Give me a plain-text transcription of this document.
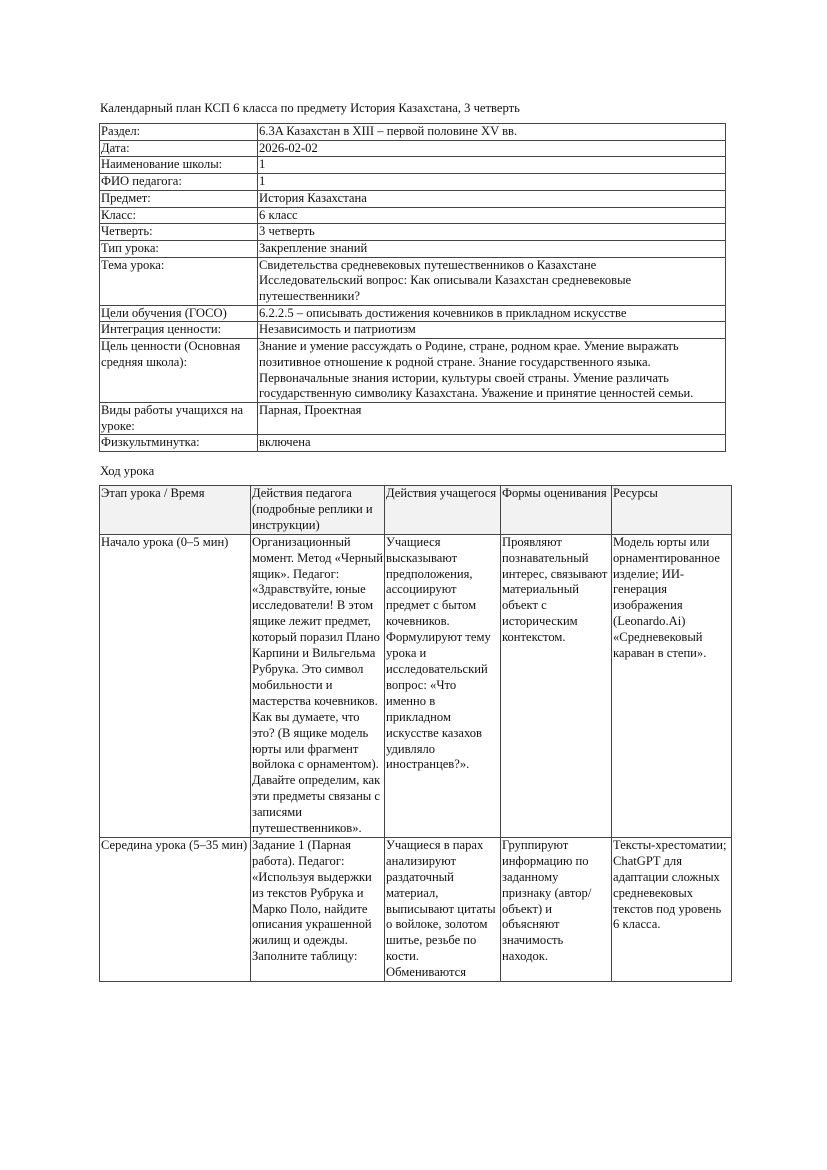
Календарный план КСП 6 класса по предмету История Казахстана, 3 четверть
Раздел:	6.3A Казахстан в XIII – первой половине XV вв.
Дата:	2026-02-02
Наименование школы:	1
ФИО педагога:	1
Предмет:	История Казахстана
Класс:	6 класс
Четверть:	3 четверть
Тип урока:	Закрепление знаний
Тема урока:	Свидетельства средневековых путешественников о Казахстане
Исследовательский вопрос: Как описывали Казахстан средневековые путешественники?

Цели обучения (ГОСО)	6.2.2.5 – описывать достижения кочевников в прикладном искусстве
Интеграция ценности:	Независимость и патриотизм
Цель ценности (Основная средняя школа):	Знание и умение рассуждать о Родине, стране, родном крае. Умение выражать позитивное отношение к родной стране. Знание государственного языка. Первоначальные знания истории, культуры своей страны. Умение различать государственную символику Казахстана. Уважение и принятие ценностей семьи.
Виды работы учащихся на уроке:	Парная, Проектная
Физкультминутка:	включена
Ход урока
Этап урока / Время	Действия педагога (подробные реплики и инструкции)	Действия учащегося	Формы оценивания	Ресурсы
Начало урока (0–5 мин)	Организационный момент. Метод «Черный ящик». Педагог: «Здравствуйте, юные исследователи! В этом ящике лежит предмет, который поразил Плано Карпини и Вильгельма Рубрука. Это символ мобильности и мастерства кочевников. Как вы думаете, что это? (В ящике модель юрты или фрагмент войлока с орнаментом). Давайте определим, как эти предметы связаны с записями путешественников».	Учащиеся высказывают предположения, ассоциируют предмет с бытом кочевников. Формулируют тему урока и исследовательский вопрос: «Что именно в прикладном искусстве казахов удивляло иностранцев?».	Проявляют познавательный интерес, связывают материальный объект с историческим контекстом.	Модель юрты или орнаментированное изделие; ИИ-генерация изображения (Leonardo.Ai) «Средневековый караван в степи».

Середина урока (5–35 мин)	Задание 1 (Парная работа). Педагог: «Используя выдержки из текстов Рубрука и Марко Поло, найдите описания украшенной жилищ и одежды. Заполните таблицу:	Учащиеся в парах анализируют раздаточный материал, выписывают цитаты о войлоке, золотом шитье, резьбе по кости. Обмениваются	Группируют информацию по заданному признаку (автор/объект) и объясняют значимость находок.	Тексты-хрестоматии; ChatGPT для адаптации сложных средневековых текстов под уровень 6 класса.
